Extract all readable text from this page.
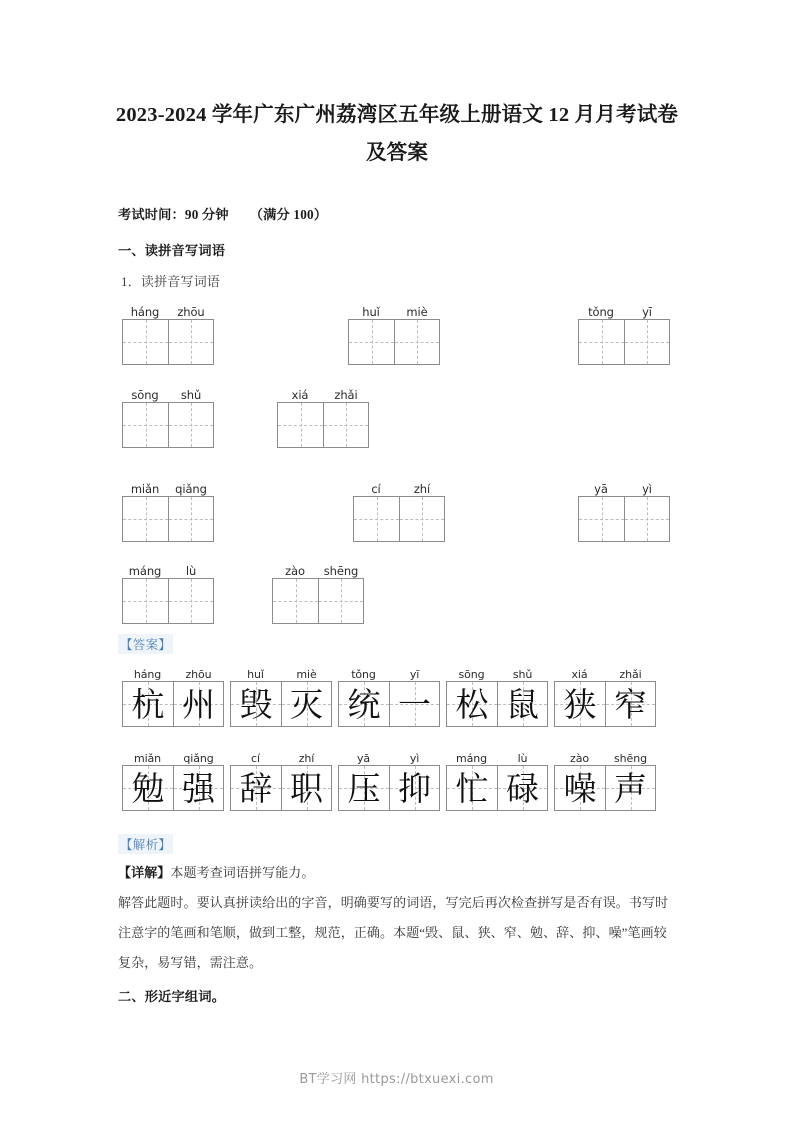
2023-2024 学年广东广州荔湾区五年级上册语文 12 月月考试卷及答案
考试时间：90 分钟      （满分 100）
一、读拼音写词语
1．读拼音写词语
háng	zhōu	huǐ	miè	tǒng	yī
sōng	shǔ	xiá	zhǎi
miǎn	qiǎng	cí	zhí	yā	yì
máng	lù	zào	shēng
【答案】
háng	zhōu
杭 州
huǐ	miè
毁 灭
tǒng	yī
统 一
sōng	shǔ
松 鼠
xiá	zhǎi
狭 窄
miǎn	qiǎng
勉 强
cí	zhí
辞 职
yā	yì
压 抑
máng	lù
忙 碌
zào	shēng
噪 声
【解析】
【详解】本题考查词语拼写能力。
解答此题时。要认真拼读给出的字音，明确要写的词语，写完后再次检查拼写是否有误。书写时注意字的笔画和笔顺，做到工整，规范，正确。本题“毁、鼠、狭、窄、勉、辞、抑、噪”笔画较复杂，易写错，需注意。
二、形近字组词。
BT学习网 https://btxuexi.com
